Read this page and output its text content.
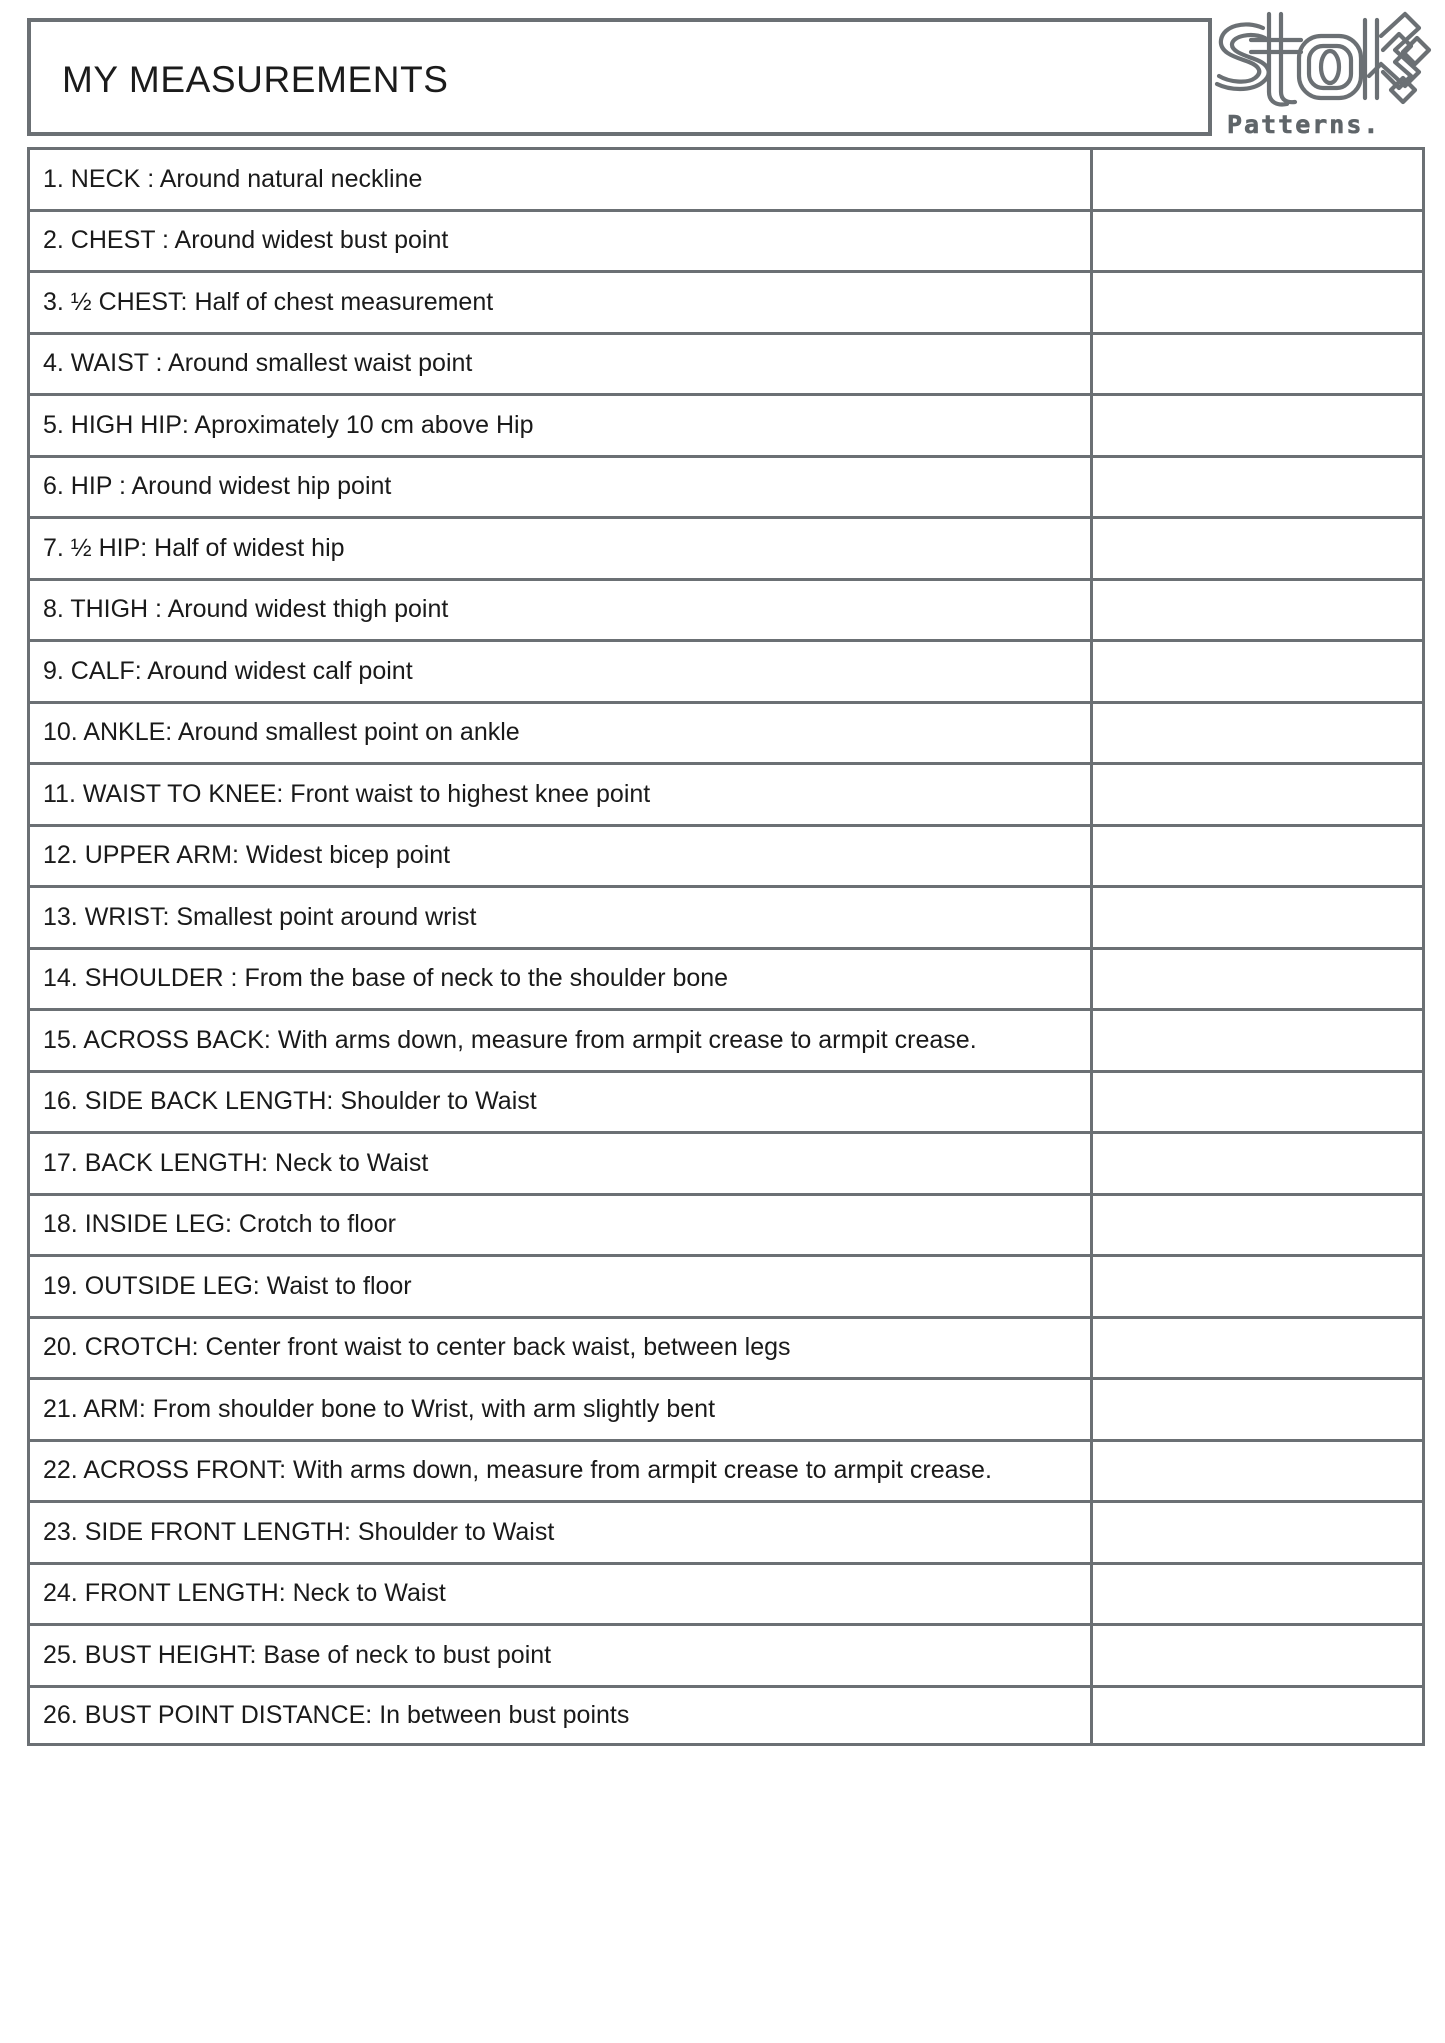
MY MEASUREMENTS
Patterns.
1. NECK : Around natural neckline
2. CHEST : Around widest bust point
3. ½ CHEST: Half of chest measurement
4. WAIST : Around smallest waist point
5. HIGH HIP: Aproximately 10 cm above Hip
6. HIP : Around widest hip point
7. ½ HIP: Half of widest hip
8. THIGH : Around widest thigh point
9. CALF: Around widest calf point
10. ANKLE: Around smallest point on ankle
11. WAIST TO KNEE: Front waist to highest knee point
12. UPPER ARM: Widest bicep point
13. WRIST: Smallest point around wrist
14. SHOULDER : From the base of neck to the shoulder bone
15. ACROSS BACK: With arms down, measure from armpit crease to armpit crease.
16. SIDE BACK LENGTH: Shoulder to Waist
17. BACK LENGTH: Neck to Waist
18. INSIDE LEG: Crotch to floor
19. OUTSIDE LEG: Waist to floor
20. CROTCH: Center front waist to center back waist, between legs
21. ARM: From shoulder bone to Wrist, with arm slightly bent
22. ACROSS FRONT: With arms down, measure from armpit crease to armpit crease.
23. SIDE FRONT LENGTH: Shoulder to Waist
24. FRONT LENGTH: Neck to Waist
25. BUST HEIGHT: Base of neck to bust point
26. BUST POINT DISTANCE: In between bust points
